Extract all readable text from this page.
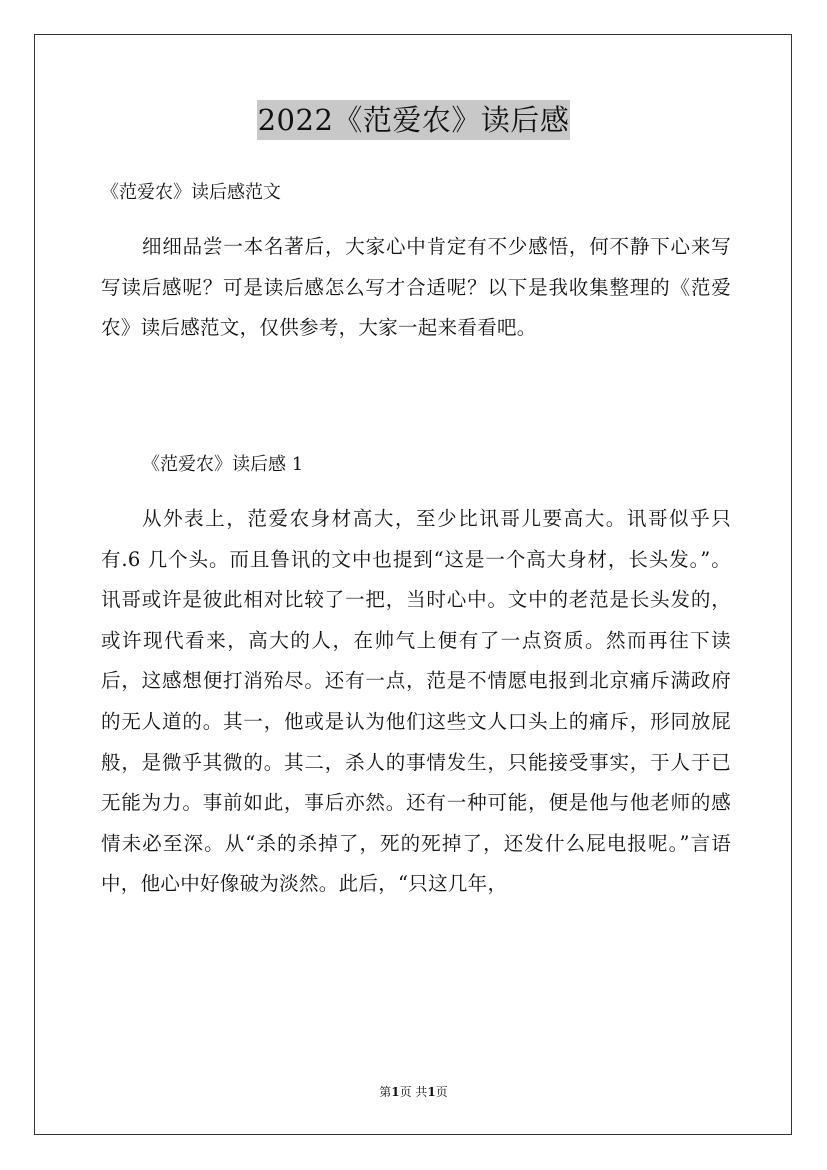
2022《范爱农》读后感
《范爱农》读后感范文
细细品尝一本名著后，大家心中肯定有不少感悟，何不静下心来写写读后感呢？可是读后感怎么写才合适呢？以下是我收集整理的《范爱农》读后感范文，仅供参考，大家一起来看看吧。
《范爱农》读后感 1
从外表上，范爱农身材高大，至少比讯哥儿要高大。讯哥似乎只有.6 几个头。而且鲁讯的文中也提到“这是一个高大身材，长头发。”。讯哥或许是彼此相对比较了一把，当时心中。文中的老范是长头发的，或许现代看来，高大的人，在帅气上便有了一点资质。然而再往下读后，这感想便打消殆尽。还有一点，范是不情愿电报到北京痛斥满政府的无人道的。其一，他或是认为他们这些文人口头上的痛斥，形同放屁般，是微乎其微的。其二，杀人的事情发生，只能接受事实，于人于已无能为力。事前如此，事后亦然。还有一种可能，便是他与他老师的感情未必至深。从“杀的杀掉了，死的死掉了，还发什么屁电报呢。”言语中，他心中好像破为淡然。此后，“只这几年，
第1页 共1页
